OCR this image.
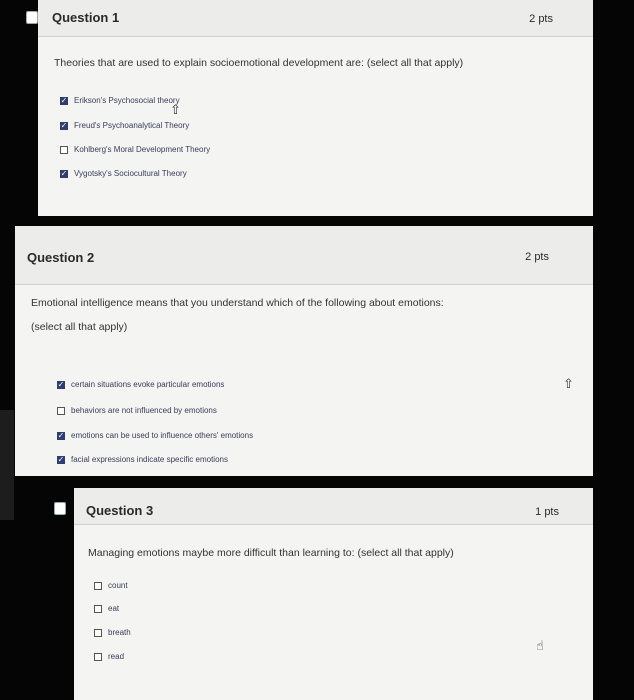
Question 1	2 pts
Theories that are used to explain socioemotional development are: (select all that apply)
✓ Erikson's Psychosocial theory
✓ Freud's Psychoanalytical Theory
Kohlberg's Moral Development Theory
✓ Vygotsky's Sociocultural Theory
⇧
Question 2	2 pts
Emotional intelligence means that you understand which of the following about emotions:
(select all that apply)
✓ certain situations evoke particular emotions
behaviors are not influenced by emotions
✓ emotions can be used to influence others' emotions
✓ facial expressions indicate specific emotions
⇧
Question 3	1 pts
Managing emotions maybe more difficult than learning to: (select all that apply)
count
eat
breath
read
☝
